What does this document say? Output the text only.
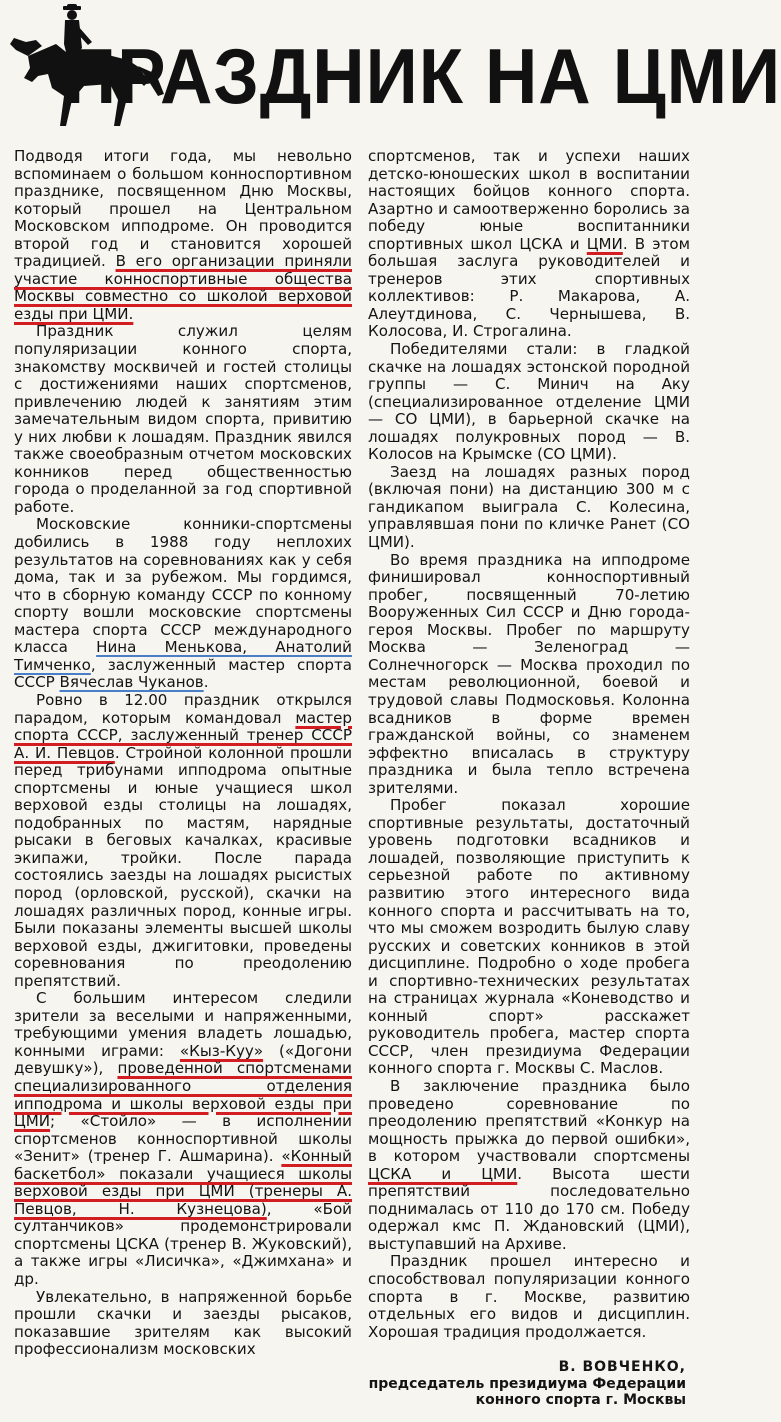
ПРАЗДНИК НА ЦМИ

Подводя итоги года, мы невольно вспоминаем о большом конноспортивном празднике, посвященном Дню Москвы, который прошел на Центральном Московском ипподроме. Он проводится второй год и становится хорошей традицией. В его организации приняли участие конноспортивные общества Москвы совместно со школой верховой езды при ЦМИ.

Праздник служил целям популяризации конного спорта, знакомству москвичей и гостей столицы с достижениями наших спортсменов, привлечению людей к занятиям этим замечательным видом спорта, привитию у них любви к лошадям. Праздник явился также своеобразным отчетом московских конников перед общественностью города о проделанной за год спортивной работе.

Московские конники-спортсмены добились в 1988 году неплохих результатов на соревнованиях как у себя дома, так и за рубежом. Мы гордимся, что в сборную команду СССР по конному спорту вошли московские спортсмены мастера спорта СССР международного класса Нина Менькова, Анатолий Тимченко, заслуженный мастер спорта СССР Вячеслав Чуканов.

Ровно в 12.00 праздник открылся парадом, которым командовал мастер спорта СССР, заслуженный тренер СССР А. И. Певцов. Стройной колонной прошли перед трибунами ипподрома опытные спортсмены и юные учащиеся школ верховой езды столицы на лошадях, подобранных по мастям, нарядные рысаки в беговых качалках, красивые экипажи, тройки. После парада состоялись заезды на лошадях рысистых пород (орловской, русской), скачки на лошадях различных пород, конные игры. Были показаны элементы высшей школы верховой езды, джигитовки, проведены соревнования по преодолению препятствий.

С большим интересом следили зрители за веселыми и напряженными, требующими умения владеть лошадью, конными играми: «Кыз-Куу» («Догони девушку»), проведенной спортсменами специализированного отделения ипподрома и школы верховой езды при ЦМИ; «Стойло» — в исполнении спортсменов конноспортивной школы «Зенит» (тренер Г. Ашмарина). «Конный баскетбол» показали учащиеся школы верховой езды при ЦМИ (тренеры А. Певцов, Н. Кузнецова), «Бой султанчиков» продемонстрировали спортсмены ЦСКА (тренер В. Жуковский), а также игры «Лисичка», «Джимхана» и др.

Увлекательно, в напряженной борьбе прошли скачки и заезды рысаков, показавшие зрителям как высокий профессионализм московских

спортсменов, так и успехи наших детско-юношеских школ в воспитании настоящих бойцов конного спорта. Азартно и самоотверженно боролись за победу юные воспитанники спортивных школ ЦСКА и ЦМИ. В этом большая заслуга руководителей и тренеров этих спортивных коллективов: Р. Макарова, А. Алеутдинова, С. Чернышева, В. Колосова, И. Строгалина.

Победителями стали: в гладкой скачке на лошадях эстонской породной группы — С. Минич на Аку (специализированное отделение ЦМИ — СО ЦМИ), в барьерной скачке на лошадях полукровных пород — В. Колосов на Крымске (СО ЦМИ).

Заезд на лошадях разных пород (включая пони) на дистанцию 300 м с гандикапом выиграла С. Колесина, управлявшая пони по кличке Ранет (СО ЦМИ).

Во время праздника на ипподроме финишировал конноспортивный пробег, посвященный 70-летию Вооруженных Сил СССР и Дню города-героя Москвы. Пробег по маршруту Москва — Зеленоград — Солнечногорск — Москва проходил по местам революционной, боевой и трудовой славы Подмосковья. Колонна всадников в форме времен гражданской войны, со знаменем эффектно вписалась в структуру праздника и была тепло встречена зрителями.

Пробег показал хорошие спортивные результаты, достаточный уровень подготовки всадников и лошадей, позволяющие приступить к серьезной работе по активному развитию этого интересного вида конного спорта и рассчитывать на то, что мы сможем возродить былую славу русских и советских конников в этой дисциплине. Подробно о ходе пробега и спортивно-технических результатах на страницах журнала «Коневодство и конный спорт» расскажет руководитель пробега, мастер спорта СССР, член президиума Федерации конного спорта г. Москвы С. Маслов.

В заключение праздника было проведено соревнование по преодолению препятствий «Конкур на мощность прыжка до первой ошибки», в котором участвовали спортсмены ЦСКА и ЦМИ. Высота шести препятствий последовательно поднималась от 110 до 170 см. Победу одержал кмс П. Ждановский (ЦМИ), выступавший на Архиве.

Праздник прошел интересно и способствовал популяризации конного спорта в г. Москве, развитию отдельных его видов и дисциплин. Хорошая традиция продолжается.

В. ВОВЧЕНКО,
председатель президиума Федерации
конного спорта г. Москвы
